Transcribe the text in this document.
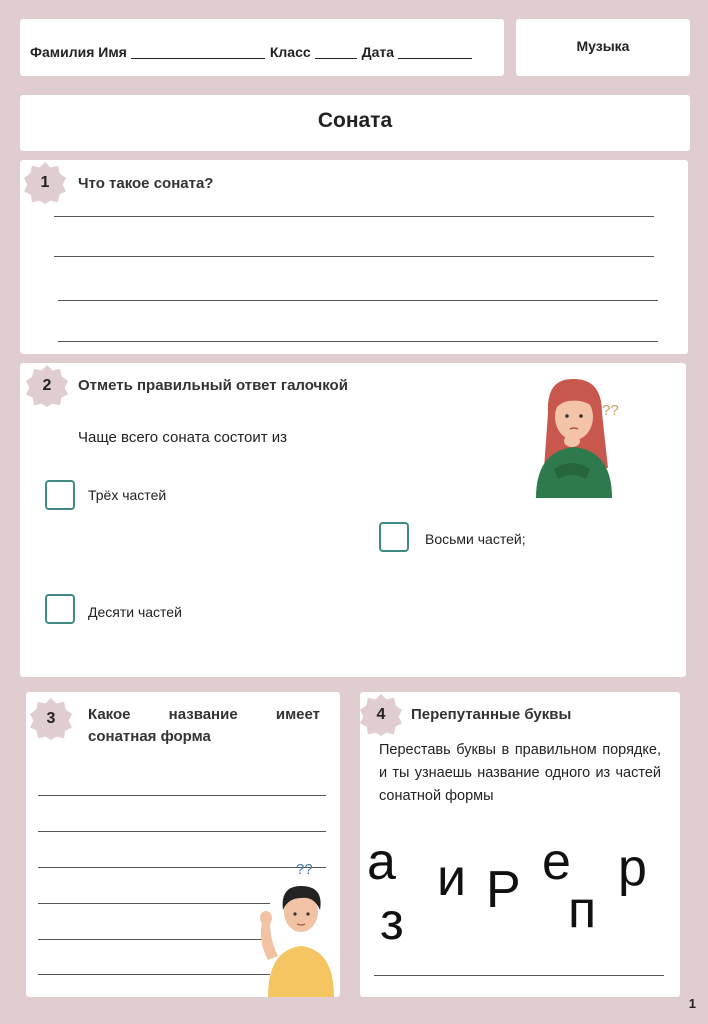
Фамилия Имя	Класс	Дата	Музыка
Соната
1	Что такое соната?
2	Отметь правильный ответ галочкой
Чаще всего соната состоит из
Трёх частей
Восьми частей;
Десяти частей
??
3	Какое название имеет
сонатная форма
??
4	Перепутанные буквы
Переставь буквы в правильном порядке, и ты узнаешь название одного из частей сонатной формы
а
з
и Р е
п
р
1
